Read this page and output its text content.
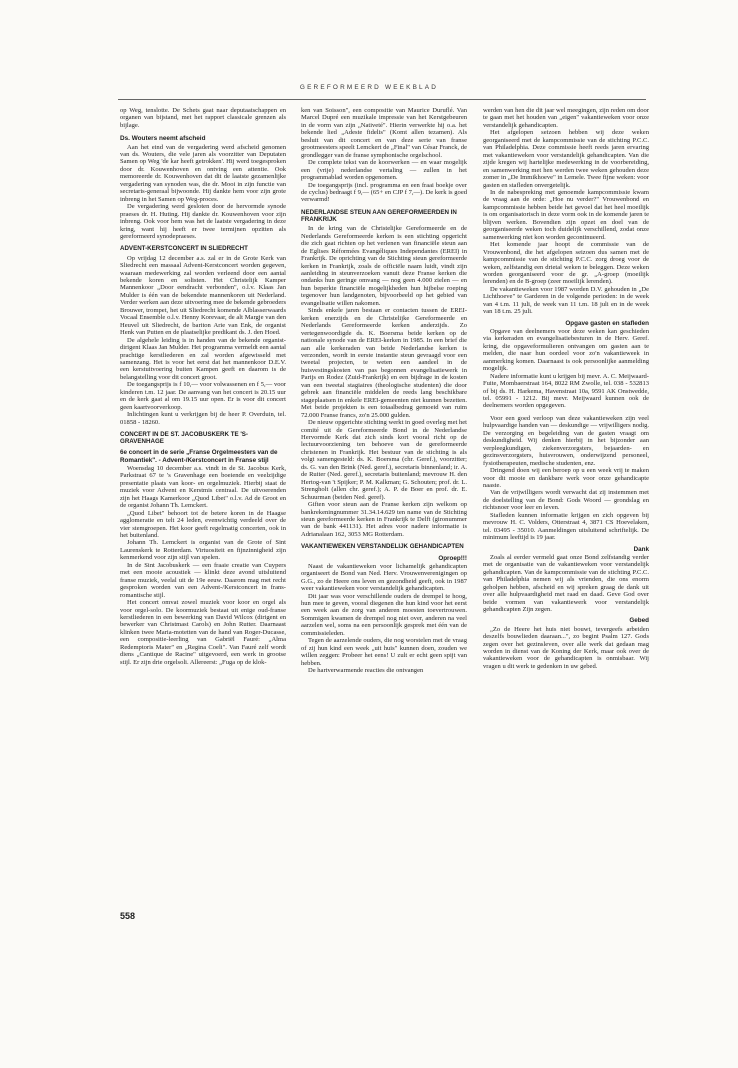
GEREFORMEERD WEEKBLAD

op Weg, tenslotte. De Schets gaat naar deputaatschappen en organen van bijstand, met het rapport classicale grenzen als bijlage.

Ds. Wouters neemt afscheid

Aan het eind van de vergadering werd afscheid genomen van ds. Wouters, die vele jaren als voorzitter van Deputaten Samen op Weg 'de kar heeft getrokken'. Hij werd toegesproken door dr. Kouwenhoven en ontving een attentie. Ook memoreerde dr. Kouwenhoven dat dit de laatste gezamenlijke vergadering van synoden was, die dr. Mooi in zijn functie van secretaris-generaal bijwoonde. Hij dankte hem voor zijn grote inbreng in het Samen op Weg-proces.

De vergadering werd gesloten door de hervormde synode praeses dr. H. Huting. Hij dankte dr. Kouwenhoven voor zijn inbreng. Ook voor hem was het de laatste vergadering in deze kring, want hij heeft er twee termijnen opzitten als gereformeerd synodepraeses.

ADVENT-KERSTCONCERT IN SLIEDRECHT

Op vrijdag 12 december a.s. zal er in de Grote Kerk van Sliedrecht een massaal Advent-Kerstconcert worden gegeven, waaraan medewerking zal worden verleend door een aantal bekende koren en solisten. Het Christelijk Kamper Mannenkoor „Door eendracht verbonden", o.l.v. Klaas Jan Mulder is één van de bekendste mannenkoren uit Nederland. Verder werken aan deze uitvoering mee de bekende gebroeders Brouwer, trompet, het uit Sliedrecht komende Alblasserwaards Vocaal Ensemble o.l.v. Henny Korevaar, de alt Margje van den Heuvel uit Sliedrecht, de bariton Arie van Enk, de organist Henk van Putten en de plaatselijke predikant ds. J. den Hoed.

De algehele leiding is in handen van de bekende organist-dirigent Klaas Jan Mulder. Het programma vermeldt een aantal prachtige kerstliederen en zal worden afgewisseld met samenzang. Het is voor het eerst dat het mannenkoor D.E.V. een kerstuitvoering buiten Kampen geeft en daarom is de belangstelling voor dit concert groot.

De toegangsprijs is f 10,— voor volwassenen en f 5,— voor kinderen t.m. 12 jaar. De aanvang van het concert is 20.15 uur en de kerk gaat al om 19.15 uur open. Er is voor dit concert geen kaartvoorverkoop.

Inlichtingen kunt u verkrijgen bij de heer P. Overduin, tel. 01858 - 18260.

CONCERT IN DE ST. JACOBUSKERK TE 'S-GRAVENHAGE
6e concert in de serie „Franse Orgelmeesters van de Romantiek". - Advent-/Kerstconcert in Franse stijl

Woensdag 10 december a.s. vindt in de St. Jacobus Kerk, Parkstraat 67 te 's Gravenhage een boeiende en veelzijdige presentatie plaats van koor- en orgelmuziek. Hierbij staat de muziek voor Advent en Kerstmis centraal. De uitvoerenden zijn het Haags Kamerkoor „Quod Libet" o.l.v. Ad de Groot en de organist Johann Th. Lemckert.

„Quod Libet" behoort tot de betere koren in de Haagse agglomeratie en telt 24 leden, evenwichtig verdeeld over de vier stemgroepen. Het koor geeft regelmatig concerten, ook in het buitenland.

Johann Th. Lemckert is organist van de Grote of Sint Laurenskerk te Rotterdam. Virtuositeit en fijnzinnigheid zijn kenmerkend voor zijn stijl van spelen.

In de Sint Jacobuskerk — een fraaie creatie van Cuypers met een mooie acoustiek — klinkt deze avond uitsluitend franse muziek, veelal uit de 19e eeuw. Daarom mag met recht gesproken worden van een Advent-/Kerstconcert in frans-romantische stijl.

Het concert omvat zowel muziek voor koor en orgel als voor orgel-solo. De koormuziek bestaat uit enige oud-franse kerstliederen in een bewerking van David Wilcox (dirigent en bewerker van Christmast Carols) en John Rutter. Daarnaast klinken twee Maria-motetten van de hand van Roger-Ducasse, een compositie-leerling van Gabriël Fauré: „Alma Redemptoris Mater" en „Regina Coeli". Van Fauré zelf wordt diens „Cantique de Racine" uitgevoerd, een werk in grootse stijl. Er zijn drie orgelsoli. Allereerst: „Fuga op de klok-

ken van Soisson", een compositie van Maurice Duruflé. Van Marcel Dupré een muzikale impressie van het Kerstgebeuren in de vorm van zijn „Nativeté". Hierin verwerkte hij o.a. het bekende lied „Adeste fidelis" (Komt allen tezamen). Als besluit van dit concert en van deze serie van franse grootmeesters speelt Lemckert de „Final" van César Franck, de grondlegger van de franse symphonische orgelschool.

De complete tekst van de koorwerken — en waar mogelijk een (vrije) nederlandse vertaling — zullen in het programmablad worden opgenomen.

De toegangsprijs (incl. programma en een fraai boekje over de cyclus) bedraagt f 9,— (65+ en CJP f 7,—). De kerk is goed verwarmd!

NEDERLANDSE STEUN AAN GEREFORMEERDEN IN FRANKRIJK

In de kring van de Christelijke Gereformeerde en de Nederlands Gereformeerde kerken is een stichting opgericht die zich gaat richten op het verlenen van financiële steun aan de Eglises Réformées Evangéliques Independantes (EREI) in Frankrijk. De oprichting van de Stichting steun gereformeerde kerken in Frankrijk, zoals de officiële naam luidt, vindt zijn aanleiding in steunverzoeken vanuit deze Franse kerken die ondanks hun geringe omvang — nog geen 4.000 zielen — en hun beperkte financiële mogelijkheden hun hijbelse roeping tegenover hun landgenoten, bijvoorbeeld op het gebied van evangelisatie willen nakomen.

Sinds enkele jaren bestaan er contacten tussen de EREI-kerken enerzijds en de Christelijke Gereformeerde en Nederlands Gereformeerde kerken anderzijds. Zo vertegenwoordigde ds. K. Boersma beide kerken op de nationale synode van de EREI-kerken in 1985. In een brief die aan alle kerkeraden van beide Nederlandse kerken is verzonden, wordt in eerste instantie steun gevraagd voor een tweetal projecten, te weten een aandeel in de huisvestingskosten van pas begonnen evangelisatiewerk in Parijs en Rodez (Zuid-Frankrijk) en een bijdrage in de kosten van een tweetal stagiaires (theologische studenten) die door gebrek aan financiële middelen de reeds lang beschikbare stageplaatsen in enkele EREI-gemeenten niet kunnen bezetten. Met beide projekten is een totaalbedrag gemoeid van ruim 72.000 Franse francs, zo'n 25.000 gulden.

De nieuw opgerichte stichting werkt in goed overleg met het comité uit de Gereformeerde Bond in de Nederlandse Hervormde Kerk dat zich sinds kort vooral richt op de lectuurvoorziening ten behoeve van de gereformeerde christenen in Frankrijk. Het bestuur van de stichting is als volgt samengesteld: ds. K. Boersma (chr. Geref.), voorzitter; ds. G. van den Brink (Ned. geref.), secretaris binnenland; ir. A. de Ruiter (Ned. geref.), secretaris buitenland; mevrouw H. den Hertog-van 't Spijker; P. M. Kalkman; G. Schouten; prof. dr. L. Strengholt (allen chr. geref.); A. P. de Boer en prof. dr. E. Schuurman (beiden Ned. geref).

Giften voor steun aan de Franse kerken zijn welkom op bankrekeningnummer 31.34.14.629 ten name van de Stichting steun gereformeerde kerken in Frankrijk te Delft (gironummer van de bank 441131). Het adres voor nadere informatie is Adrianalaan 162, 3053 MG Rotterdam.

VAKANTIEWEKEN VERSTANDELIJK GEHANDICAPTEN
Oproep!!!

Naast de vakantieweken voor lichamelijk gehandicapten organiseert de Bond van Ned. Herv. Vrouwenverenigingen op G.G., zo de Heere ons leven en gezondheid geeft, ook in 1987 weer vakantieweken voor verstandelijk gehandicapten.

Dit jaar was voor verschillende ouders de drempel te hoog, hun mee te geven, vooral diegenen die hun kind voor het eerst een week aan de zorg van anderen moesten toevertrouwen. Sommigen kwamen de drempel nog niet over, anderen na veel aarzelen wel, soms na een persoonlijk gesprek met één van de commissieleden.

Tegen de aarzelende ouders, die nog worstelen met de vraag of zij hun kind een week „uit huis" kunnen doen, zouden we willen zeggen: Probeer het eens! U zult er echt geen spijt van hebben.

De hartverwarmende reacties die ontvangen

werden van hen die dit jaar wel meegingen, zijn reden om door te gaan met het houden van „eigen" vakantieweken voor onze verstandelijk gehandicapten.

Het afgelopen seizoen hebben wij deze weken georganiseerd met de kampcommissie van de stichting P.C.C. van Philadelphia. Deze commissie heeft reeds jaren ervaring met vakantieweken voor verstandelijk gehandicapten. Van die zijde kregen wij hartelijke medewerking in de voorbereiding, en samenwerking met hen werden twee weken gehouden deze zomer in „De Immikhoeve" in Lemele. Twee fijne weken: voor gasten en stafleden onvergetelijk.

In de nabespreking met genoemde kampcommissie kwam de vraag aan de orde: „Hoe nu verder?" Vrouwenbond en kampcommissie hebben beide het gevoel dat het heel moeilijk is om organisatorisch in deze vorm ook in de komende jaren te blijven werken. Bovendien zijn opzet en doel van de georganiseerde weken toch duidelijk verschillend, zodat onze samenwerking niet kon worden gecontinueerd.

Het komende jaar hoopt de commissie van de Vrouwenbond, die het afgelopen seizoen dus samen met de kampcommissie van de stichting P.C.C. zorg droeg voor de weken, zelfstandig een drietal weken te beleggen. Deze weken worden georganiseerd voor de gr. „A-groep (moeilijk lerenden) en de B-groep (zeer moeilijk lerenden).

De vakantieweken voor 1987 worden D.V. gehouden in „De Lichthoeve" te Garderen in de volgende perioden: in de week van 4 t.m. 11 juli, de week van 11 t.m. 18 juli en in de week van 18 t.m. 25 juli.

Opgave gasten en stafleden

Opgave van deelnemers voor deze weken kan geschieden via kerkeraden en evangelisatiebesturen in de Herv. Geref. kring, die opgaveformulieren ontvangen om gasten aan te melden, die naar hun oordeel voor zo'n vakantieweek in aanmerking komen. Daarnaast is ook persoonlijke aanmelding mogelijk.

Nadere informatie kunt u krijgen bij mevr. A. C. Meijwaard-Fuite, Mombaerstraat 164, 8022 RM Zwolle, tel. 038 - 532813 of bij ds. H. Harkema, Havenstraat 10a, 9591 AK Onstwedde, tel. 05991 - 1212. Bij mevr. Meijwaard kunnen ook de deelnemers worden opgegeven.

Voor een goed verloop van deze vakantieweken zijn veel hulpvaardige handen van — deskundige — vrijwilligers nodig. De verzorging en begeleiding van de gasten vraagt om deskundigheid. Wij denken hierbij in het bijzonder aan verpleegkundigen, ziekenverzorgsters, bejaarden- en gezinsverzorgsters, huisvrouwen, onderwijzend personeel, fysiotherapeuten, medische studenten, enz.

Dringend doen wij een beroep op u een week vrij te maken voor dit mooie en dankbare werk voor onze gehandicapte naaste.

Van de vrijwilligers wordt verwacht dat zij instemmen met de doelstelling van de Bond: Gods Woord — grondslag en richtsnoer voor leer en leven.

Stafleden kunnen informatie krijgen en zich opgeven bij mevrouw H. C. Volders, Otterstraat 4, 3871 CS Hoevelaken, tel. 03495 - 35010. Aanmeldingen uitsluitend schriftelijk. De minimum leeftijd is 19 jaar.

Dank

Zoals al eerder vermeld gaat onze Bond zelfstandig verder met de organisatie van de vakantieweken voor verstandelijk gehandicapten. Van de kampcommissie van de stichting P.C.C. van Philadelphia nemen wij als vrienden, die ons enorm geholpen hebben, afscheid en wij spreken graag de dank uit over alle hulpvaardigheid met raad en daad. Geve God over beide vormen van vakantiewerk voor verstandelijk gehandicapten Zijn zegen.

Gebed

„Zo de Heere het huis niet bouwt, tevergeefs arbeiden deszelfs bouwlieden daaraan...", zo begint Psalm 127. Gods zegen over het gezinsleven, over alle werk dat gedaan mag worden in dienst van de Koning der Kerk, maar ook over de vakantieweken voor de gehandicapten is onmisbaar. Wij vragen u dit werk te gedenken in uw gebed.

558
